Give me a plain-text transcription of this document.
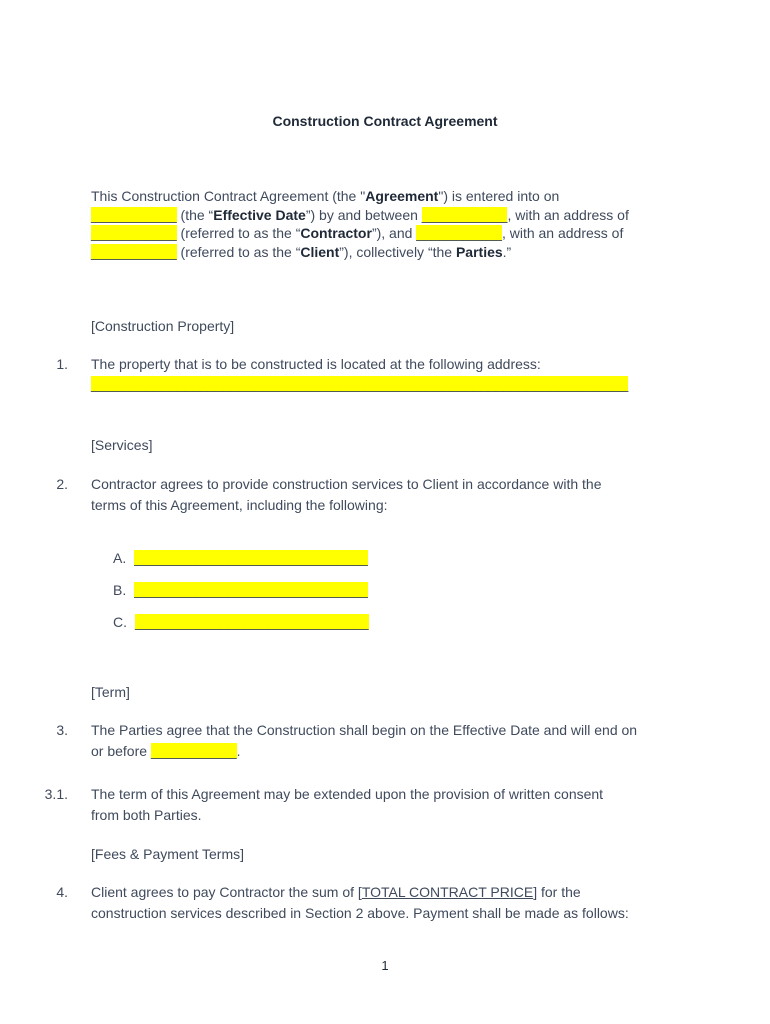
Construction Contract Agreement
This Construction Contract Agreement (the "Agreement") is entered into on
___________ (the “Effective Date”) by and between ___________, with an address of
___________ (referred to as the “Contractor”), and ___________, with an address of
___________ (referred to as the “Client”), collectively “the Parties.”
[Construction Property]
1. The property that is to be constructed is located at the following address:
_____________________________________________________________________
[Services]
2. Contractor agrees to provide construction services to Client in accordance with the
terms of this Agreement, including the following:
A. ______________________________
B. ______________________________
C. ______________________________
[Term]
3. The Parties agree that the Construction shall begin on the Effective Date and will end on
or before ___________.
3.1. The term of this Agreement may be extended upon the provision of written consent
from both Parties.
[Fees & Payment Terms]
4. Client agrees to pay Contractor the sum of [TOTAL CONTRACT PRICE] for the
construction services described in Section 2 above. Payment shall be made as follows:
1
